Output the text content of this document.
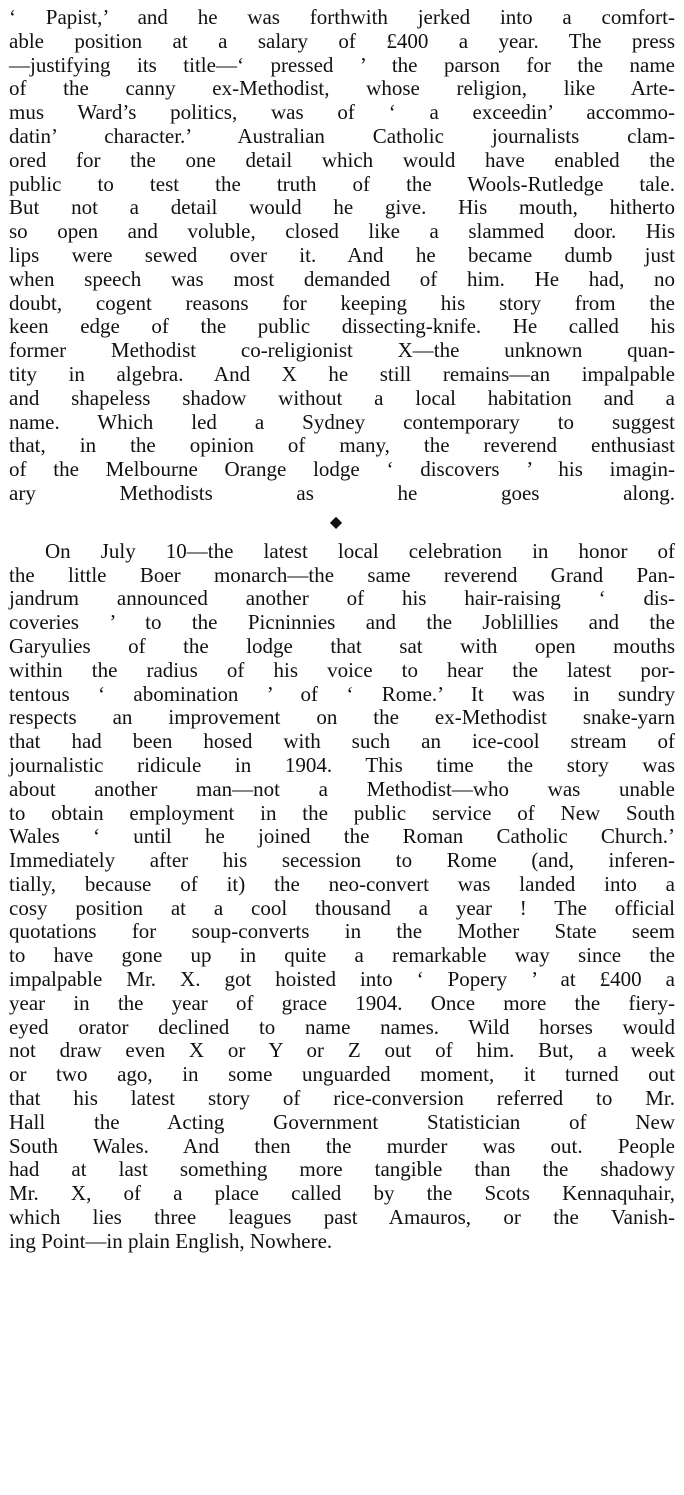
‘ Papist,’ and he was forthwith jerked into a comfort-
able position at a salary of £400 a year. The press
—justifying its title—‘ pressed ’ the parson for the name
of the canny ex-Methodist, whose religion, like Arte-
mus Ward’s politics, was of ‘ a exceedin’ accommo-
datin’ character.’ Australian Catholic journalists clam-
ored for the one detail which would have enabled the
public to test the truth of the Wools-Rutledge tale.
But not a detail would he give. His mouth, hitherto
so open and voluble, closed like a slammed door. His
lips were sewed over it. And he became dumb just
when speech was most demanded of him. He had, no
doubt, cogent reasons for keeping his story from the
keen edge of the public dissecting-knife. He called his
former Methodist co-religionist X—the unknown quan-
tity in algebra. And X he still remains—an impalpable
and shapeless shadow without a local habitation and a
name. Which led a Sydney contemporary to suggest
that, in the opinion of many, the reverend enthusiast
of the Melbourne Orange lodge ‘ discovers ’ his imagin-
ary Methodists as he goes along.
◆
On July 10—the latest local celebration in honor of
the little Boer monarch—the same reverend Grand Pan-
jandrum announced another of his hair-raising ‘ dis-
coveries ’ to the Picninnies and the Joblillies and the
Garyulies of the lodge that sat with open mouths
within the radius of his voice to hear the latest por-
tentous ‘ abomination ’ of ‘ Rome.’ It was in sundry
respects an improvement on the ex-Methodist snake-yarn
that had been hosed with such an ice-cool stream of
journalistic ridicule in 1904. This time the story was
about another man—not a Methodist—who was unable
to obtain employment in the public service of New South
Wales ‘ until he joined the Roman Catholic Church.’
Immediately after his secession to Rome (and, inferen-
tially, because of it) the neo-convert was landed into a
cosy position at a cool thousand a year ! The official
quotations for soup-converts in the Mother State seem
to have gone up in quite a remarkable way since the
impalpable Mr. X. got hoisted into ‘ Popery ’ at £400 a
year in the year of grace 1904. Once more the fiery-
eyed orator declined to name names. Wild horses would
not draw even X or Y or Z out of him. But, a week
or two ago, in some unguarded moment, it turned out
that his latest story of rice-conversion referred to Mr.
Hall the Acting Government Statistician of New
South Wales. And then the murder was out. People
had at last something more tangible than the shadowy
Mr. X, of a place called by the Scots Kennaquhair,
which lies three leagues past Amauros, or the Vanish-
ing Point—in plain English, Nowhere.
